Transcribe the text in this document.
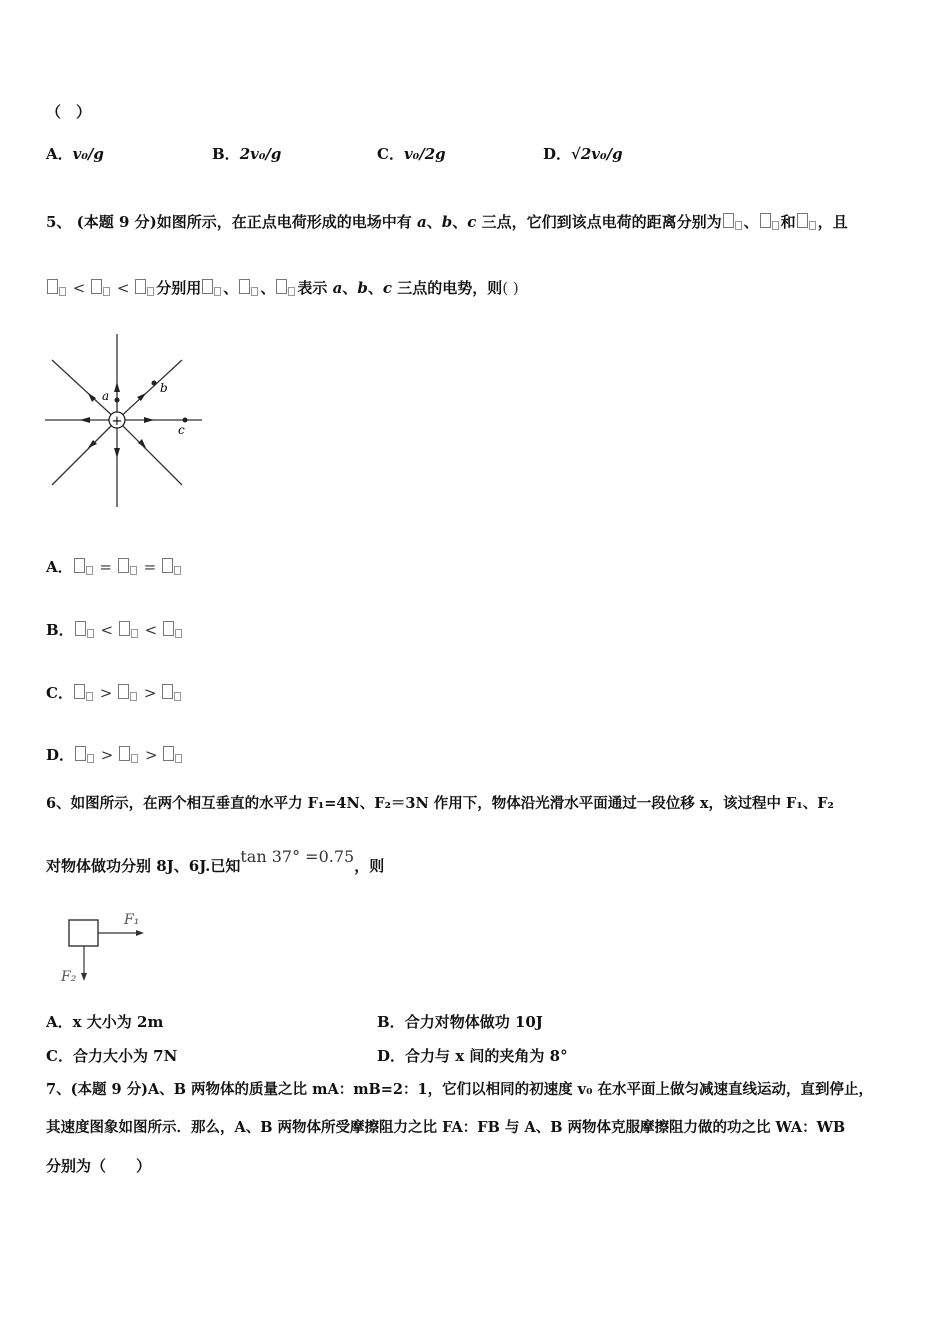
（　）
A．v₀/g	B．2v₀/g	C．v₀/2g	D．√2v₀/g
5、 (本题 9 分)如图所示，在正点电荷形成的电场中有 a、b、c 三点，它们到该点电荷的距离分别为 、 和 ，且
< < 分别用 、 、 表示 a、b、c 三点的电势，则( )
+
a
b
c
A． = =
B． < <
C． > >
D． > >
6、如图所示，在两个相互垂直的水平力 F₁=4N、F₂＝3N 作用下，物体沿光滑水平面通过一段位移 x，该过程中 F₁、F₂
对物体做功分别 8J、6J.已知tan 37° =0.75，则
F₁
F₂
A．x 大小为 2m	B．合力对物体做功 10J
C．合力大小为 7N	D．合力与 x 间的夹角为 8°
7、(本题 9 分)A、B 两物体的质量之比 mA：mB=2：1，它们以相同的初速度 v₀ 在水平面上做匀减速直线运动，直到停止，
其速度图象如图所示．那么，A、B 两物体所受摩擦阻力之比 FA：FB 与 A、B 两物体克服摩擦阻力做的功之比 WA：WB
分别为（　　）
